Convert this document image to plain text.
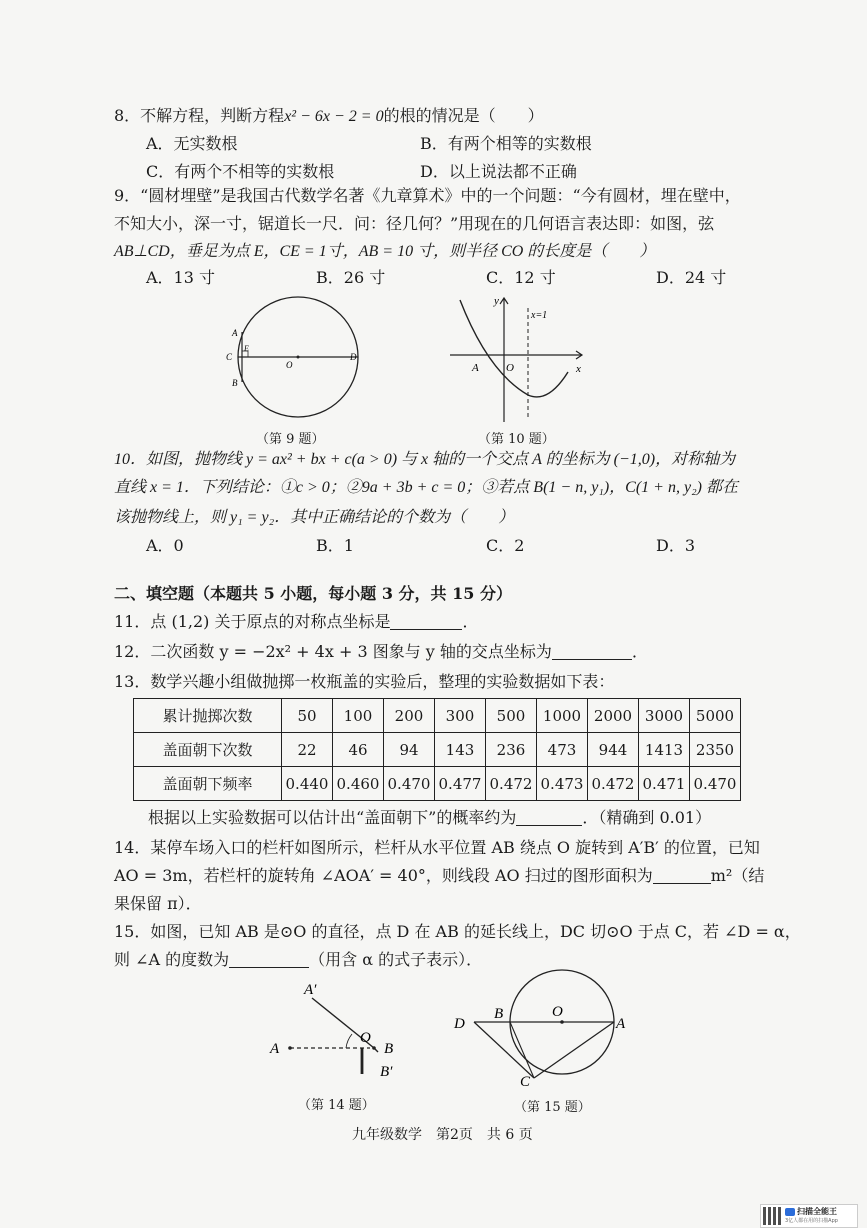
8．不解方程，判断方程x² − 6x − 2 = 0的根的情况是（　　）
A．无实数根	B．有两个相等的实数根
C．有两个不相等的实数根	D．以上说法都不正确
9．“圆材埋壁”是我国古代数学名著《九章算术》中的一个问题：“今有圆材，埋在壁中，
不知大小，深一寸，锯道长一尺．问：径几何？”用现在的几何语言表达即：如图，弦
AB⊥CD，垂足为点 E，CE = 1寸，AB = 10 寸，则半径 CO 的长度是（　　）
A．13 寸	B．26 寸	C．12 寸	D．24 寸
A
B
C
E
O
D
（第 9 题）
y
x
x=1
A O
（第 10 题）
10．如图，抛物线 y = ax² + bx + c(a > 0) 与 x 轴的一个交点 A 的坐标为 (−1,0)，对称轴为
直线 x = 1．下列结论：①c > 0；②9a + 3b + c = 0；③若点 B(1 − n, y₁)，C(1 + n, y₂) 都在
该抛物线上，则 y₁ = y₂．其中正确结论的个数为（　　）
A．0	B．1	C．2	D．3
二、填空题（本题共 5 小题，每小题 3 分，共 15 分）
11．点 (1,2) 关于原点的对称点坐标是	．
12．二次函数 y = −2x² + 4x + 3 图象与 y 轴的交点坐标为	．
13．数学兴趣小组做抛掷一枚瓶盖的实验后，整理的实验数据如下表：
累计抛掷次数	50	100	200	300	500	1000	2000	3000	5000
盖面朝下次数	22	46	94	143	236	473	944	1413	2350
盖面朝下频率	0.440	0.460	0.470	0.477	0.472	0.473	0.472	0.471	0.470
根据以上实验数据可以估计出“盖面朝下”的概率约为	．（精确到 0.01）
14．某停车场入口的栏杆如图所示，栏杆从水平位置 AB 绕点 O 旋转到 A′B′ 的位置，已知
AO = 3m，若栏杆的旋转角 ∠AOA′ = 40°，则线段 AO 扫过的图形面积为	m²（结
果保留 π）．
15．如图，已知 AB 是⊙O 的直径，点 D 在 AB 的延长线上，DC 切⊙O 于点 C，若 ∠D = α，
则 ∠A 的度数为	（用含 α 的式子表示）．
A
A′
O
B
B′
（第 14 题）
D
B	O
A
C
（第 15 题）
九年级数学　第2页　共 6 页
扫描全能王
3亿人都在用的扫描App
